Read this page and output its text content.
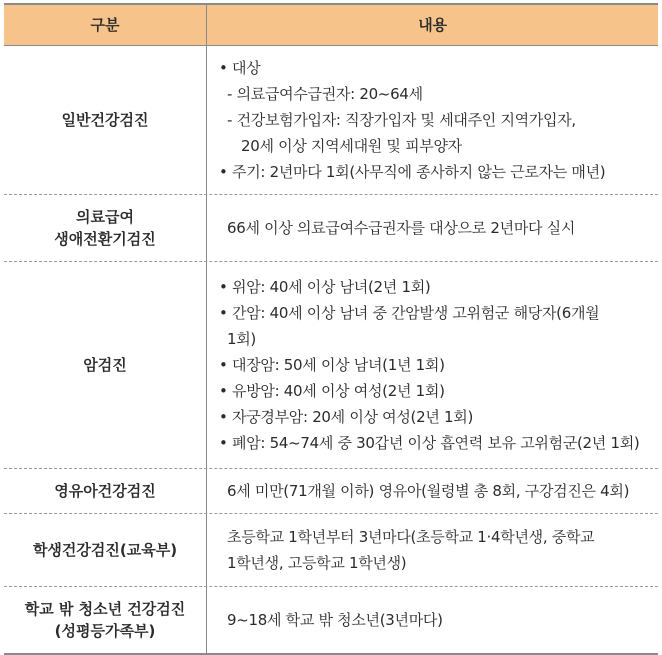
구분	내용
일반건강검진
• 대상
- 의료급여수급권자: 20~64세
- 건강보험가입자: 직장가입자 및 세대주인 지역가입자,
20세 이상 지역세대원 및 피부양자
• 주기: 2년마다 1회(사무직에 종사하지 않는 근로자는 매년)
의료급여
생애전환기검진
66세 이상 의료급여수급권자를 대상으로 2년마다 실시
암검진
• 위암: 40세 이상 남녀(2년 1회)
• 간암: 40세 이상 남녀 중 간암발생 고위험군 해당자(6개월
1회)
• 대장암: 50세 이상 남녀(1년 1회)
• 유방암: 40세 이상 여성(2년 1회)
• 자궁경부암: 20세 이상 여성(2년 1회)
• 폐암: 54~74세 중 30갑년 이상 흡연력 보유 고위험군(2년 1회)
영유아건강검진	6세 미만(71개월 이하) 영유아(월령별 총 8회, 구강검진은 4회)
학생건강검진(교육부)
초등학교 1학년부터 3년마다(초등학교 1·4학년생, 중학교
1학년생, 고등학교 1학년생)
학교 밖 청소년 건강검진
(성평등가족부)
9~18세 학교 밖 청소년(3년마다)
